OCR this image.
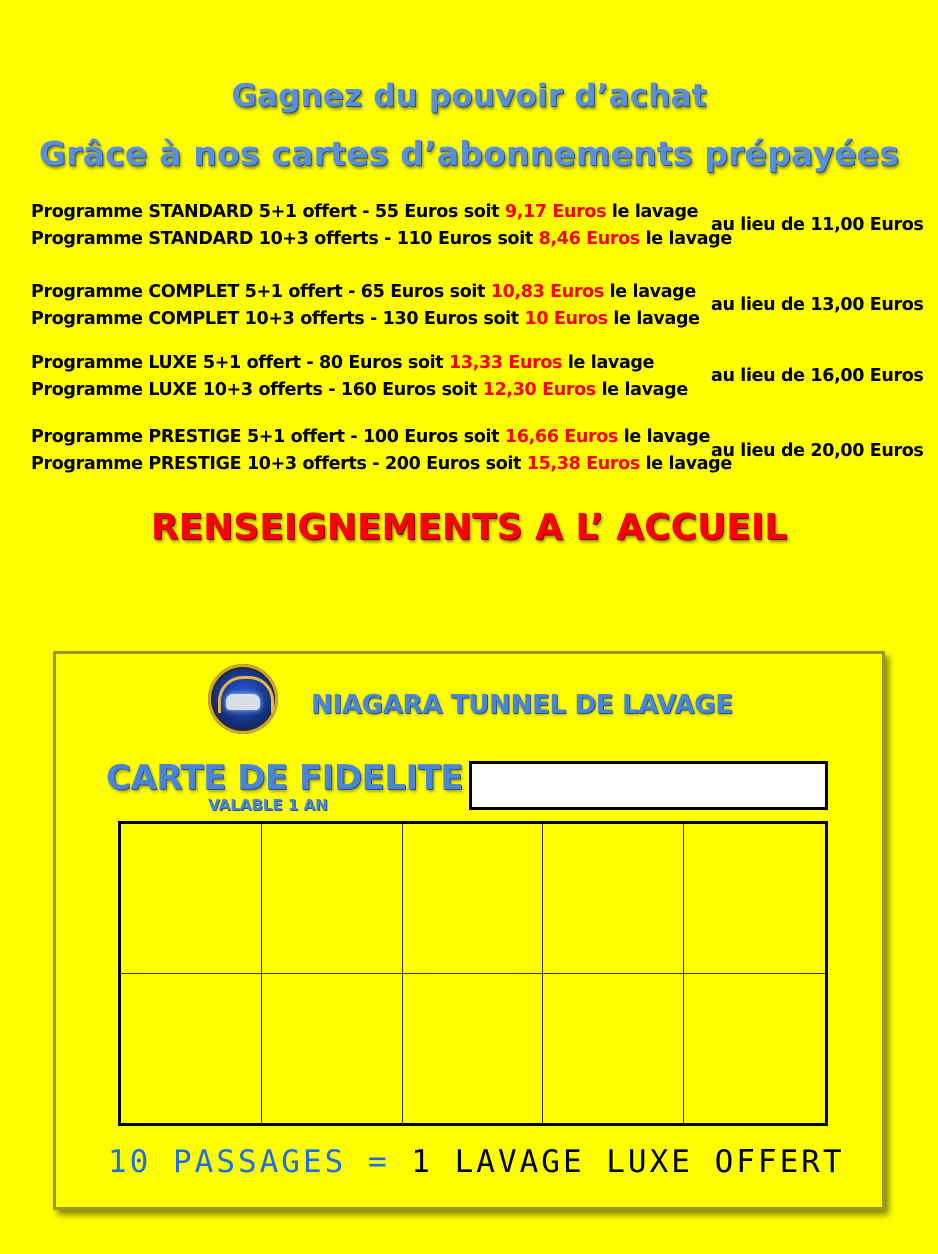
Gagnez du pouvoir d’achat
Grâce à nos cartes d’abonnements prépayées
Programme STANDARD 5+1 offert - 55 Euros soit 9,17 Euros le lavage
Programme STANDARD 10+3 offerts - 110 Euros soit 8,46 Euros le lavage
au lieu de 11,00 Euros
Programme COMPLET 5+1 offert - 65 Euros soit 10,83 Euros le lavage
Programme COMPLET 10+3 offerts - 130 Euros soit 10 Euros le lavage
au lieu de 13,00 Euros
Programme LUXE 5+1 offert - 80 Euros soit 13,33 Euros le lavage
Programme LUXE 10+3 offerts - 160 Euros soit 12,30 Euros le lavage
au lieu de 16,00 Euros
Programme PRESTIGE 5+1 offert - 100 Euros soit 16,66 Euros le lavage
Programme PRESTIGE 10+3 offerts - 200 Euros soit 15,38 Euros le lavage
au lieu de 20,00 Euros
RENSEIGNEMENTS A L’ ACCUEIL
NIAGARA TUNNEL DE LAVAGE
CARTE DE FIDELITE
VALABLE 1 AN
10 PASSAGES = 1 LAVAGE LUXE OFFERT
